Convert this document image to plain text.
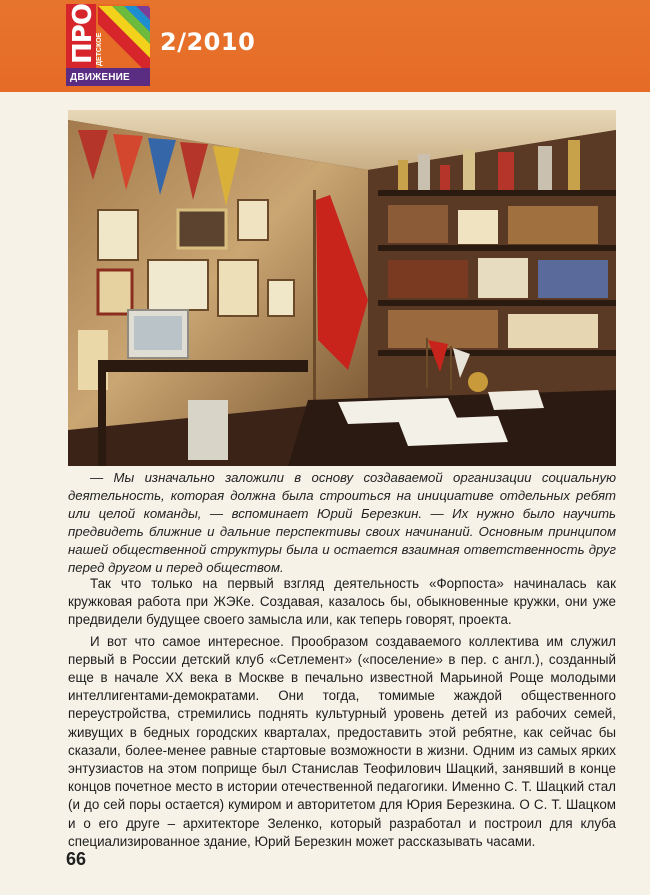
ПРО
ДЕТСКОЕ
ДВИЖЕНИЕ
2/2010

— Мы изначально заложили в основу создаваемой организации социальную деятельность, которая должна была строиться на инициативе отдельных ребят или целой команды, — вспоминает Юрий Березкин. — Их нужно было научить предвидеть ближние и дальние перспективы своих начинаний. Основным принципом нашей общественной структуры была и остается взаимная ответственность друг перед другом и перед обществом.

Так что только на первый взгляд деятельность «Форпоста» начиналась как кружковая работа при ЖЭКе. Создавая, казалось бы, обыкновенные кружки, они уже предвидели будущее своего замысла или, как теперь говорят, проекта.

И вот что самое интересное. Прообразом создаваемого коллектива им служил первый в России детский клуб «Сетлемент» («поселение» в пер. с англ.), созданный еще в начале XX века в Москве в печально известной Марьиной Роще молодыми интеллигентами-демократами. Они тогда, томимые жаждой общественного переустройства, стремились поднять культурный уровень детей из рабочих семей, живущих в бедных городских кварталах, предоставить этой ребятне, как сейчас бы сказали, более-менее равные стартовые возможности в жизни. Одним из самых ярких энтузиастов на этом поприще был Станислав Теофилович Шацкий, занявший в конце концов почетное место в истории отечественной педагогики. Именно С. Т. Шацкий стал (и до сей поры остается) кумиром и авторитетом для Юрия Березкина. О С. Т. Шацком и о его друге – архитекторе Зеленко, который разработал и построил для клуба специализированное здание, Юрий Березкин может рассказывать часами.

66
